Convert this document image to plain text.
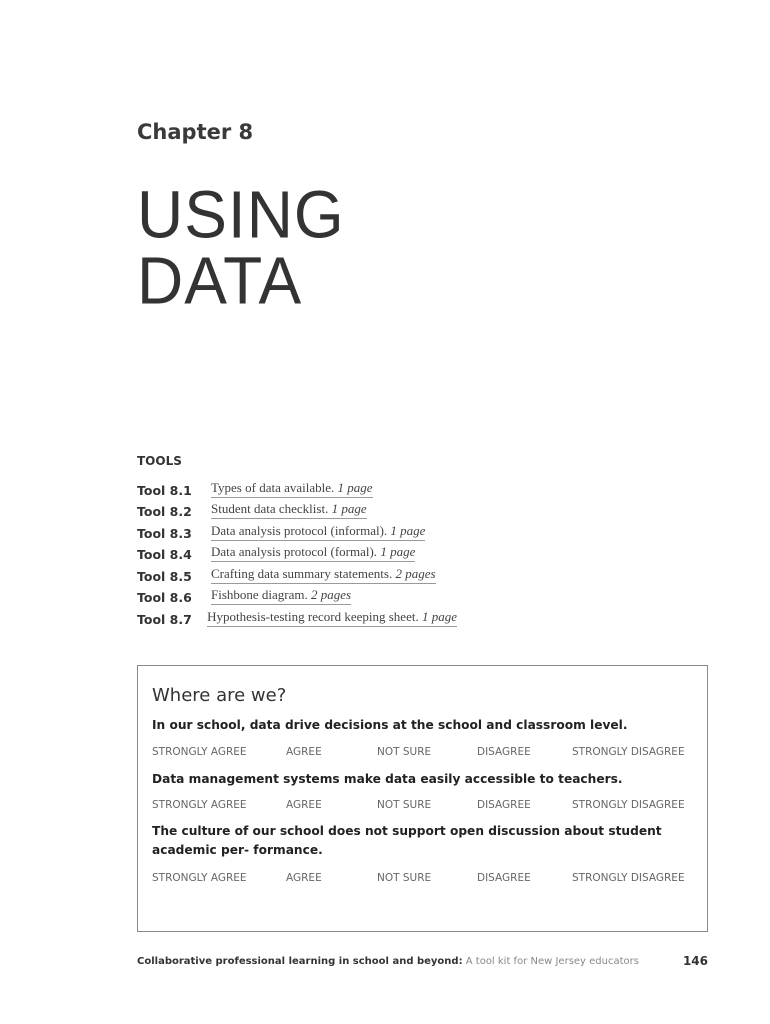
Chapter 8
USING
DATA
TOOLS
Tool 8.1	Types of data available. 1 page
Tool 8.2	Student data checklist. 1 page
Tool 8.3	Data analysis protocol (informal). 1 page
Tool 8.4	Data analysis protocol (formal). 1 page
Tool 8.5	Crafting data summary statements. 2 pages
Tool 8.6	Fishbone diagram. 2 pages
Tool 8.7	Hypothesis-testing record keeping sheet. 1 page
Where are we?
In our school, data drive decisions at the school and classroom level.
STRONGLY AGREE	AGREE	NOT SURE	DISAGREE	STRONGLY DISAGREE
Data management systems make data easily accessible to teachers.
STRONGLY AGREE	AGREE	NOT SURE	DISAGREE	STRONGLY DISAGREE
The culture of our school does not support open discussion about student academic per- formance.
STRONGLY AGREE	AGREE	NOT SURE	DISAGREE	STRONGLY DISAGREE
Collaborative professional learning in school and beyond: A tool kit for New Jersey educators	146
